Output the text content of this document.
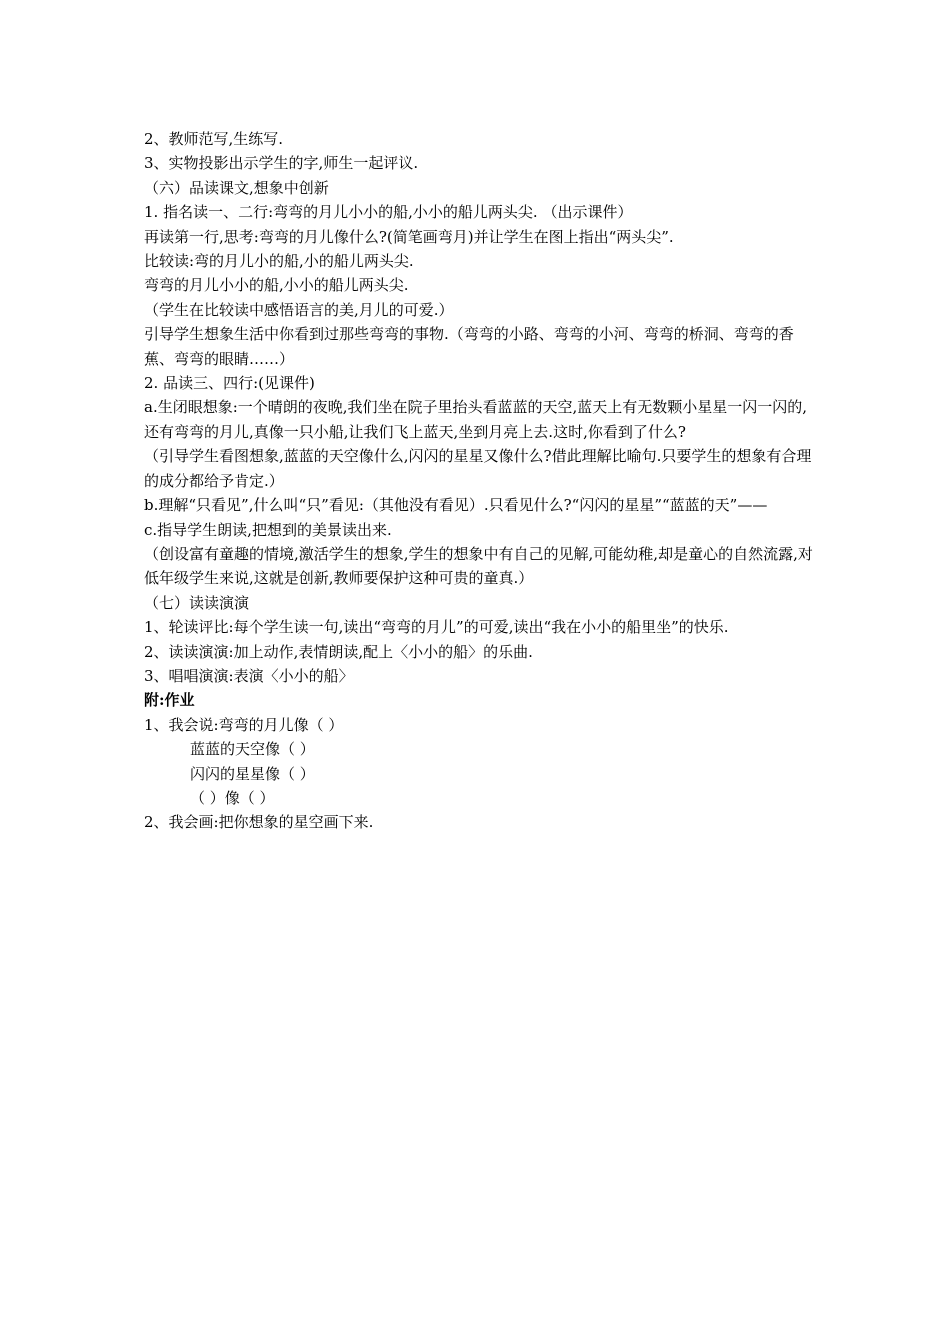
2、教师范写,生练写.

3、实物投影出示学生的字,师生一起评议.

（六）品读课文,想象中创新

1. 指名读一、二行:弯弯的月儿小小的船,小小的船儿两头尖. （出示课件）

再读第一行,思考:弯弯的月儿像什么?(简笔画弯月)并让学生在图上指出“两头尖”.

比较读:弯的月儿小的船,小的船儿两头尖.

弯弯的月儿小小的船,小小的船儿两头尖.

（学生在比较读中感悟语言的美,月儿的可爱.）

引导学生想象生活中你看到过那些弯弯的事物.（弯弯的小路、弯弯的小河、弯弯的桥洞、弯弯的香蕉、弯弯的眼睛……）

2. 品读三、四行:(见课件)

a.生闭眼想象:一个晴朗的夜晚,我们坐在院子里抬头看蓝蓝的天空,蓝天上有无数颗小星星一闪一闪的,还有弯弯的月儿,真像一只小船,让我们飞上蓝天,坐到月亮上去.这时,你看到了什么?

（引导学生看图想象,蓝蓝的天空像什么,闪闪的星星又像什么?借此理解比喻句.只要学生的想象有合理的成分都给予肯定.）

b.理解“只看见”,什么叫“只”看见:（其他没有看见）.只看见什么?“闪闪的星星”“蓝蓝的天”——

c.指导学生朗读,把想到的美景读出来.

（创设富有童趣的情境,激活学生的想象,学生的想象中有自己的见解,可能幼稚,却是童心的自然流露,对低年级学生来说,这就是创新,教师要保护这种可贵的童真.）

（七）读读演演

1、轮读评比:每个学生读一句,读出“弯弯的月儿”的可爱,读出“我在小小的船里坐”的快乐.

2、读读演演:加上动作,表情朗读,配上〈小小的船〉的乐曲.

3、唱唱演演:表演〈小小的船〉

附:作业

1、我会说:弯弯的月儿像（ ）

蓝蓝的天空像（ ）

闪闪的星星像（ ）

（ ）像（ ）

2、我会画:把你想象的星空画下来.
